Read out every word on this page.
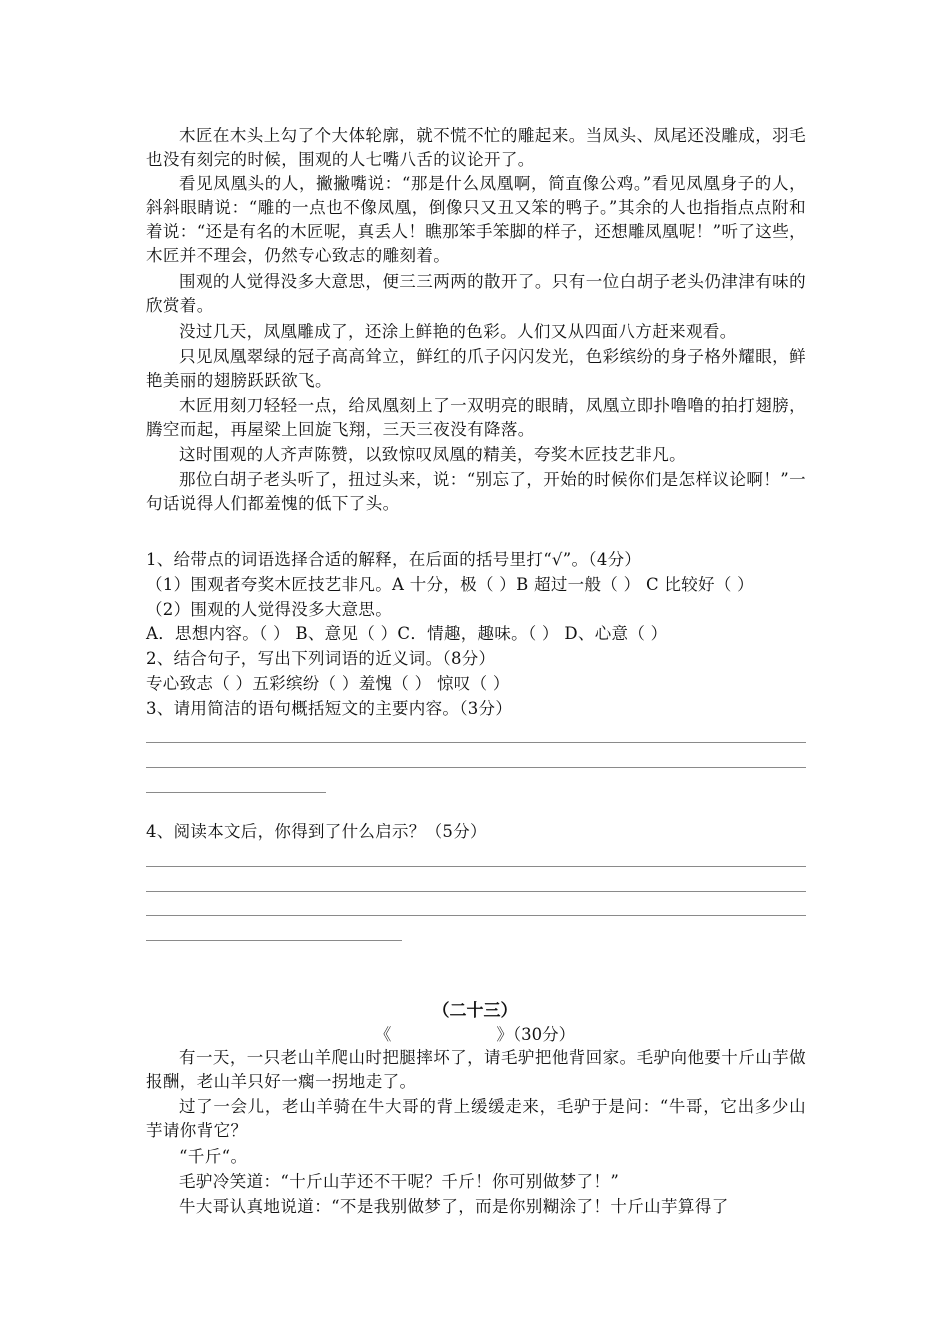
木匠在木头上勾了个大体轮廓，就不慌不忙的雕起来。当凤头、凤尾还没雕成，羽毛也没有刻完的时候，围观的人七嘴八舌的议论开了。
看见凤凰头的人，撇撇嘴说：“那是什么凤凰啊，简直像公鸡。”看见凤凰身子的人，斜斜眼睛说：“雕的一点也不像凤凰，倒像只又丑又笨的鸭子。”其余的人也指指点点附和着说：“还是有名的木匠呢，真丢人！瞧那笨手笨脚的样子，还想雕凤凰呢！”听了这些，木匠并不理会，仍然专心致志的雕刻着。
围观的人觉得没多大意思，便三三两两的散开了。只有一位白胡子老头仍津津有味的欣赏着。
没过几天，凤凰雕成了，还涂上鲜艳的色彩。人们又从四面八方赶来观看。
只见凤凰翠绿的冠子高高耸立，鲜红的爪子闪闪发光，色彩缤纷的身子格外耀眼，鲜艳美丽的翅膀跃跃欲飞。
木匠用刻刀轻轻一点，给凤凰刻上了一双明亮的眼睛，凤凰立即扑噜噜的拍打翅膀，腾空而起，再屋梁上回旋飞翔，三天三夜没有降落。
这时围观的人齐声陈赞，以致惊叹凤凰的精美，夸奖木匠技艺非凡。
那位白胡子老头听了，扭过头来，说：“别忘了，开始的时候你们是怎样议论啊！”一句话说得人们都羞愧的低下了头。
1、给带点的词语选择合适的解释，在后面的括号里打“√”。（4分）
（1）围观者夸奖木匠技艺非凡。A 十分，极（ ）B 超过一般（ ） C 比较好（ ）
（2）围观的人觉得没多大意思。
A．思想内容。（ ） B、意见（ ）C．情趣，趣味。（ ） D、心意（ ）
2、结合句子，写出下列词语的近义词。（8分）
专心致志（ ）五彩缤纷（ ）羞愧（ ） 惊叹（ ）
3、请用简洁的语句概括短文的主要内容。（3分）
4、阅读本文后，你得到了什么启示？（5分）
（二十三）
《                    》（30分）
有一天，一只老山羊爬山时把腿摔坏了，请毛驴把他背回家。毛驴向他要十斤山芋做报酬，老山羊只好一瘸一拐地走了。
过了一会儿，老山羊骑在牛大哥的背上缓缓走来，毛驴于是问：“牛哥，它出多少山芋请你背它？
“千斤“。
毛驴冷笑道：“十斤山芋还不干呢？千斤！你可别做梦了！”
牛大哥认真地说道：“不是我别做梦了，而是你别糊涂了！十斤山芋算得了
